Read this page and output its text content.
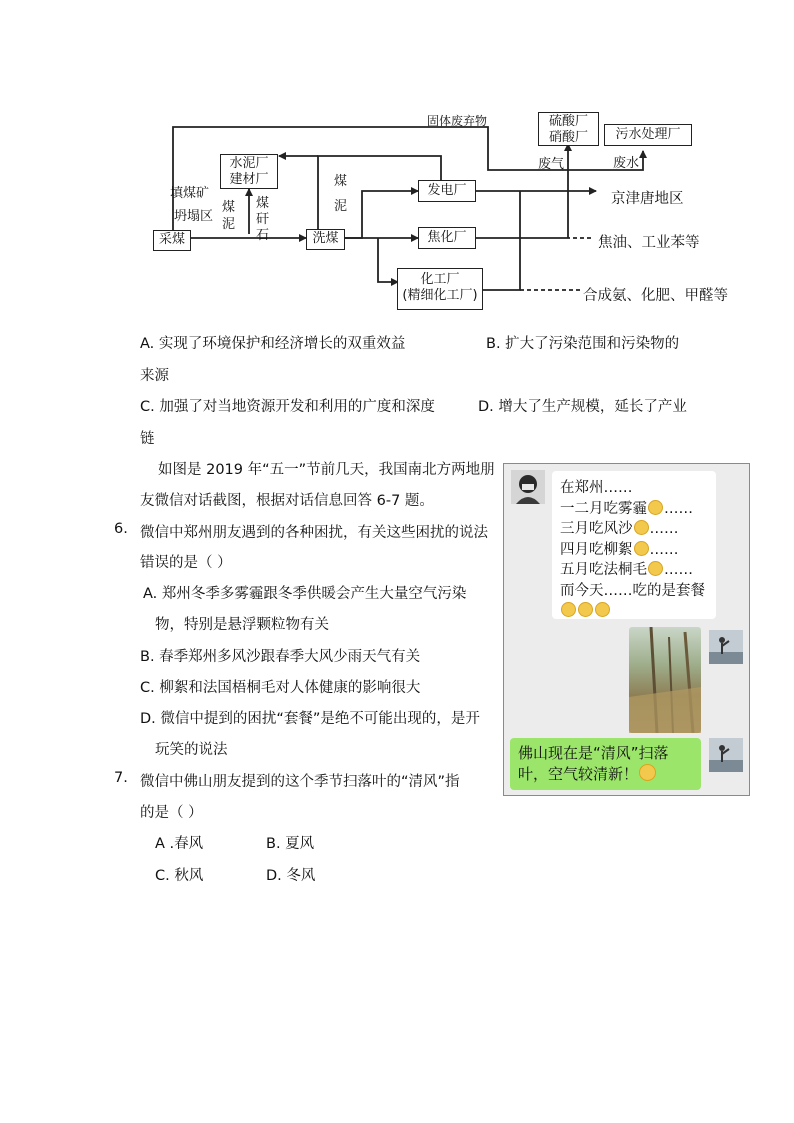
硫酸厂
硝酸厂	污水处理厂
水泥厂
建材厂
发电厂
焦化厂
化工厂
(精细化工厂)
采煤	洗煤
固体废弃物
废气	废水
填煤矿
坍塌区
煤
泥
煤
矸
石
煤
泥	京津唐地区
焦油、工业苯等
合成氨、化肥、甲醛等
A. 实现了环境保护和经济增长的双重效益	B. 扩大了污染范围和污染物的
来源
C. 加强了对当地资源开发和利用的广度和深度	D. 增大了生产规模，延长了产业
链
如图是 2019 年“五一”节前几天，我国南北方两地朋
友微信对话截图，根据对话信息回答 6-7 题。
6. 微信中郑州朋友遇到的各种困扰，有关这些困扰的说法
错误的是（ ）
A. 郑州冬季多雾霾跟冬季供暖会产生大量空气污染
物，特别是悬浮颗粒物有关
B. 春季郑州多风沙跟春季大风少雨天气有关
C. 柳絮和法国梧桐毛对人体健康的影响很大
D. 微信中提到的困扰“套餐”是绝不可能出现的，是开
玩笑的说法
7. 微信中佛山朋友提到的这个季节扫落叶的“清风”指
的是（ ）
A .春风	B. 夏风
C. 秋风	D. 冬风
在郑州……
一二月吃雾霾 ……
三月吃风沙 ……
四月吃柳絮 ……
五月吃法桐毛 ……
而今天……吃的是套餐
佛山现在是“清风”扫落
叶，空气较清新！
